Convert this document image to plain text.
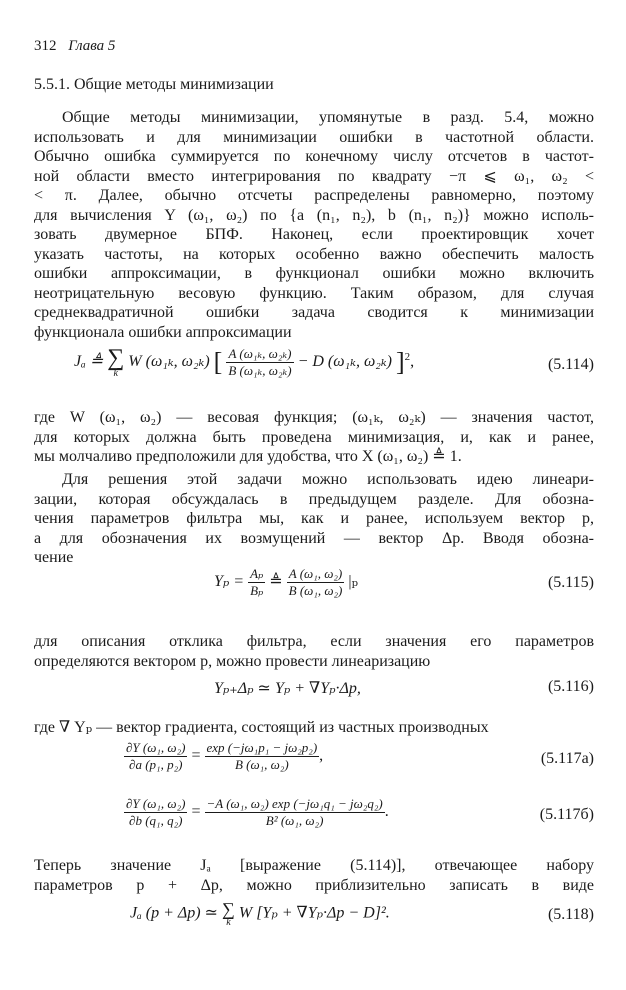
312 Глава 5
5.5.1. Общие методы минимизации
Общие методы минимизации, упомянутые в разд. 5.4, можно
использовать и для минимизации ошибки в частотной области.
Обычно ошибка суммируется по конечному числу отсчетов в частот-
ной области вместо интегрирования по квадрату −π ⩽ ω₁, ω₂ <
< π. Далее, обычно отсчеты распределены равномерно, поэтому
для вычисления Y (ω₁, ω₂) по {a (n₁, n₂), b (n₁, n₂)} можно исполь-
зовать двумерное БПФ. Наконец, если проектировщик хочет
указать частоты, на которых особенно важно обеспечить малость
ошибки аппроксимации, в функционал ошибки можно включить
неотрицательную весовую функцию. Таким образом, для случая
среднеквадратичной ошибки задача сводится к минимизации
функционала ошибки аппроксимации
Jₐ ≜ ∑
k
W (ω₁ₖ, ω₂ₖ) [ $\frac{\text{A (ω₁ₖ, ω₂ₖ)}}{\text{B (ω₁ₖ, ω₂ₖ)}} - D$ (ω₁ₖ, ω₂ₖ) ]$^2$,	(5.114)
где W (ω₁, ω₂) — весовая функция; (ω₁ₖ, ω₂ₖ) — значения частот,
для которых должна быть проведена минимизация, и, как и ранее,
мы молчаливо предположили для удобства, что X (ω₁, ω₂) ≜ 1.
Для решения этой задачи можно использовать идею линеари-
зации, которая обсуждалась в предыдущем разделе. Для обозна-
чения параметров фильтра мы, как и ранее, используем вектор p,
а для обозначения их возмущений — вектор Δp. Вводя обозна-
чение
$Y_p = \frac{\text{Aₚ}}{\text{Bₚ}}$ ≜ $\frac{\text{A (ω₁, ω₂)}}{\text{B (ω₁, ω₂)}} |_p$	(5.115)
для описания отклика фильтра, если значения его параметров
определяются вектором p, можно провести линеаризацию
Yₚ₊Δₚ ≃ Yₚ + ∇Yₚ·Δp,	(5.116)
где ∇ Yₚ — вектор градиента, состоящий из частных производных
$\frac{\text{∂Y (ω₁, ω₂)}}{\text{∂a (p₁, p₂)}} = \frac{\text{exp (−jω₁p₁ − jω₂p₂)}}{\text{B (ω₁, ω₂)}}$ ,	(5.117а)
$\frac{\text{∂Y (ω₁, ω₂)}}{\text{∂b (q₁, q₂)}} = \frac{\text{−A (ω₁, ω₂) exp (−jω₁q₁ − jω₂q₂)}}{\text{B² (ω₁, ω₂)}}$ .	(5.117б)
Теперь значение Jₐ [выражение (5.114)], отвечающее набору
параметров p + Δp, можно приблизительно записать в виде
Jₐ (p + Δp) ≃ ∑
k
W [Yₚ + ∇Yₚ·Δp − D]².	(5.118)
